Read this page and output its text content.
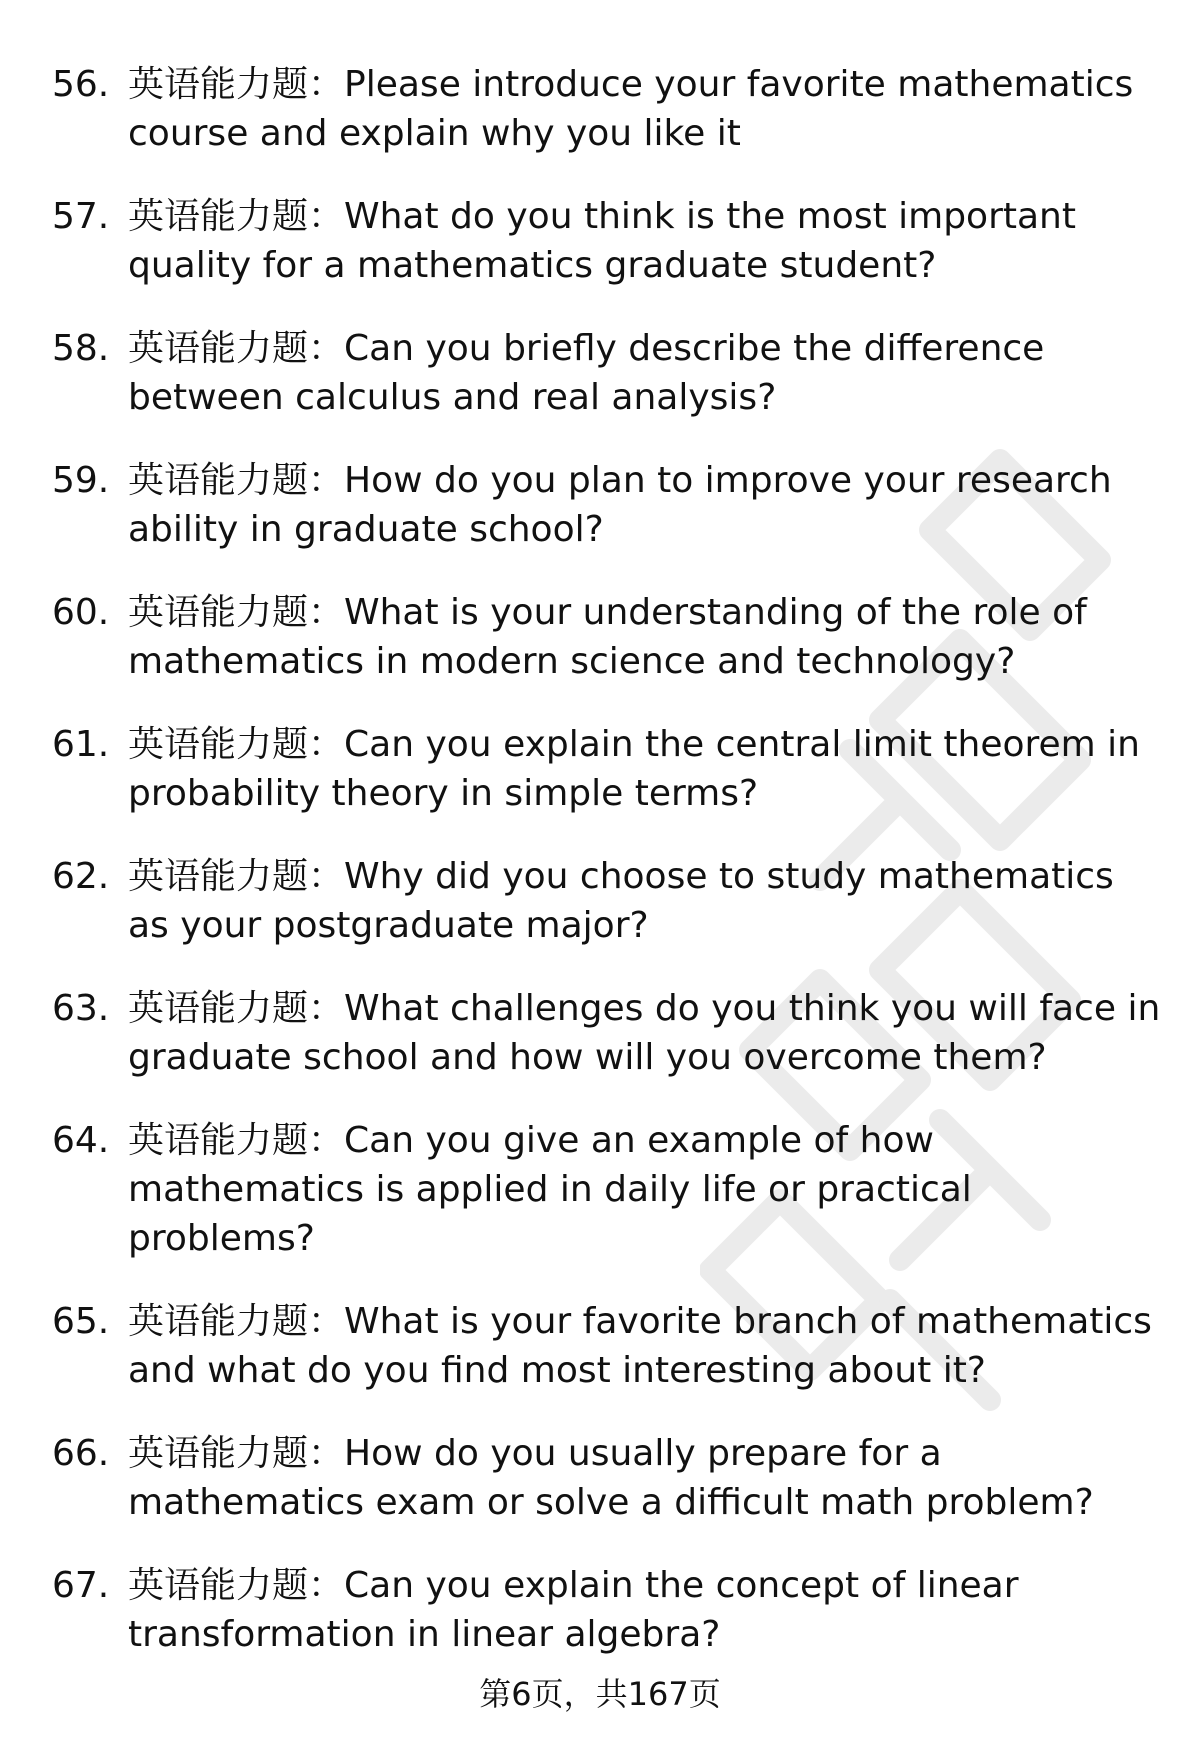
56. 英语能力题：Please introduce your favorite mathematics course and explain why you like it
57. 英语能力题：What do you think is the most important quality for a mathematics graduate student?
58. 英语能力题：Can you briefly describe the difference between calculus and real analysis?
59. 英语能力题：How do you plan to improve your research ability in graduate school?
60. 英语能力题：What is your understanding of the role of mathematics in modern science and technology?
61. 英语能力题：Can you explain the central limit theorem in probability theory in simple terms?
62. 英语能力题：Why did you choose to study mathematics as your postgraduate major?
63. 英语能力题：What challenges do you think you will face in graduate school and how will you overcome them?
64. 英语能力题：Can you give an example of how mathematics is applied in daily life or practical problems?
65. 英语能力题：What is your favorite branch of mathematics and what do you find most interesting about it?
66. 英语能力题：How do you usually prepare for a mathematics exam or solve a difficult math problem?
67. 英语能力题：Can you explain the concept of linear transformation in linear algebra?
第6页，共167页
